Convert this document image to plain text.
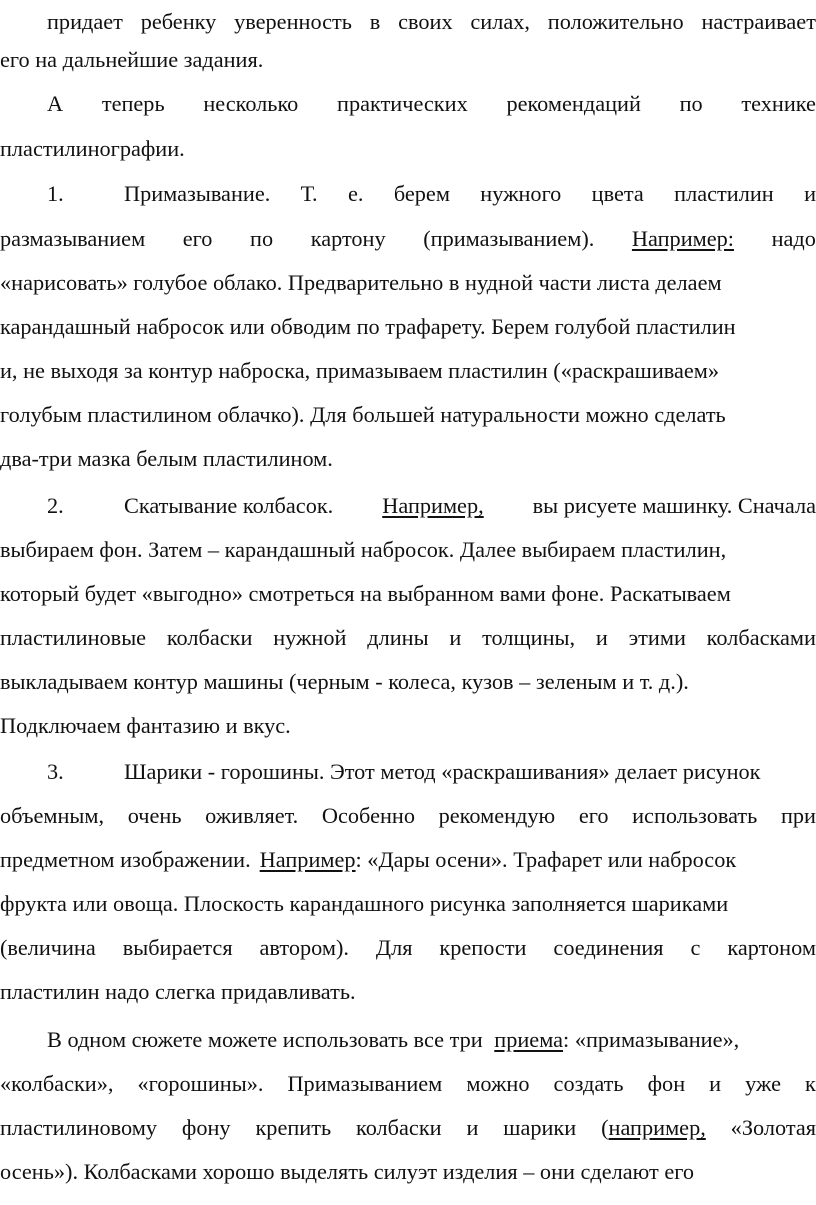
придает ребенку уверенность в своих силах, положительно настраивает
его на дальнейшие задания.
А теперь несколько практических рекомендаций по технике
пластилинографии.
1.	Примазывание. Т. е. берем нужного цвета пластилин и
размазыванием его по картону (примазыванием). Например: надо
«нарисовать» голубое облако. Предварительно в нудной части листа делаем
карандашный набросок или обводим по трафарету. Берем голубой пластилин
и, не выходя за контур наброска, примазываем пластилин («раскрашиваем»
голубым пластилином облачко). Для большей натуральности можно сделать
два-три мазка белым пластилином.
2.	Скатывание колбасок. Например, вы рисуете машинку. Сначала
выбираем фон. Затем – карандашный набросок. Далее выбираем пластилин,
который будет «выгодно» смотреться на выбранном вами фоне. Раскатываем
пластилиновые колбаски нужной длины и толщины, и этими колбасками
выкладываем контур машины (черным - колеса, кузов – зеленым и т. д.).
Подключаем фантазию и вкус.
3.	Шарики - горошины. Этот метод «раскрашивания» делает рисунок
объемным, очень оживляет. Особенно рекомендую его использовать при
предметном изображении. Например: «Дары осени». Трафарет или набросок
фрукта или овоща. Плоскость карандашного рисунка заполняется шариками
(величина выбирается автором). Для крепости соединения с картоном
пластилин надо слегка придавливать.
В одном сюжете можете использовать все три приема: «примазывание»,
«колбаски», «горошины». Примазыванием можно создать фон и уже к
пластилиновому фону крепить колбаски и шарики (например, «Золотая
осень»). Колбасками хорошо выделять силуэт изделия – они сделают его
